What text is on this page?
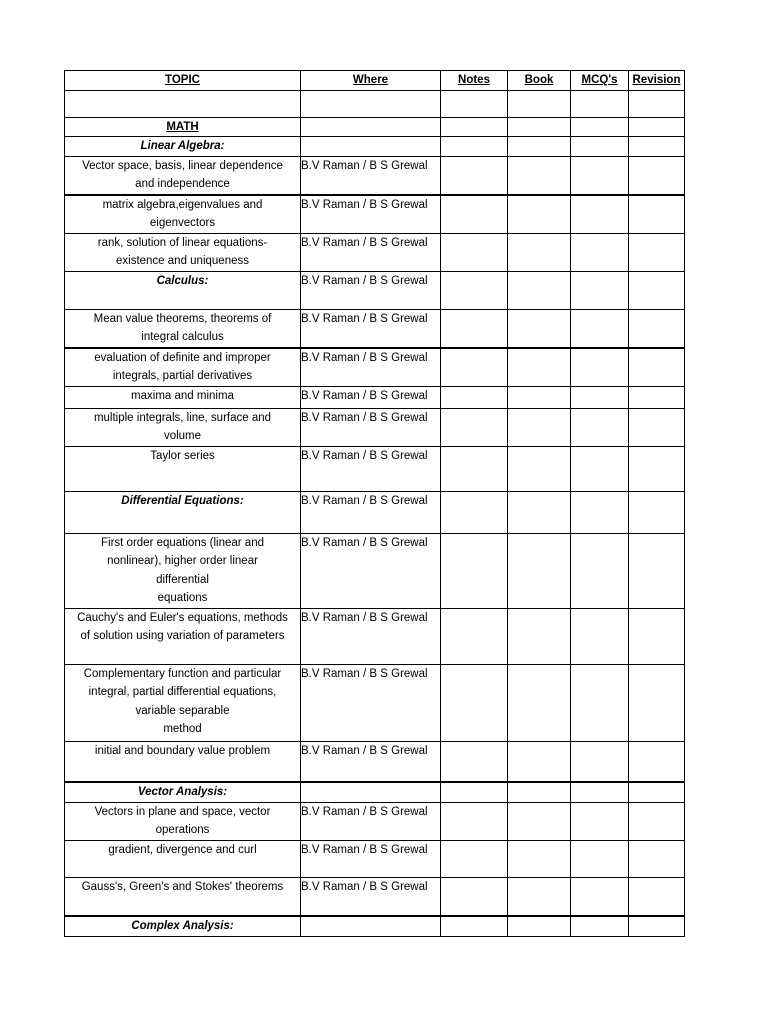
TOPIC	Where	Notes	Book	MCQ's	Revision

MATH					
Linear Algebra:					
Vector space, basis, linear dependence
and independence	B.V Raman / B S Grewal				
matrix algebra,eigenvalues and
eigenvectors	B.V Raman / B S Grewal				
rank, solution of linear equations-
existence and uniqueness	B.V Raman / B S Grewal				
Calculus:	B.V Raman / B S Grewal				
Mean value theorems, theorems of
integral calculus	B.V Raman / B S Grewal				
evaluation of definite and improper
integrals, partial derivatives	B.V Raman / B S Grewal				
maxima and minima	B.V Raman / B S Grewal				
multiple integrals, line, surface and
volume	B.V Raman / B S Grewal				
Taylor series	B.V Raman / B S Grewal				
Differential Equations:	B.V Raman / B S Grewal				
First order equations (linear and
nonlinear), higher order linear
differential
equations	B.V Raman / B S Grewal				
Cauchy's and Euler's equations, methods
of solution using variation of parameters	B.V Raman / B S Grewal				
Complementary function and particular
integral, partial differential equations,
variable separable
method	B.V Raman / B S Grewal				
initial and boundary value problem	B.V Raman / B S Grewal				
Vector Analysis:					
Vectors in plane and space, vector
operations	B.V Raman / B S Grewal				
gradient, divergence and curl	B.V Raman / B S Grewal				
Gauss's, Green's and Stokes' theorems	B.V Raman / B S Grewal				
Complex Analysis:					
